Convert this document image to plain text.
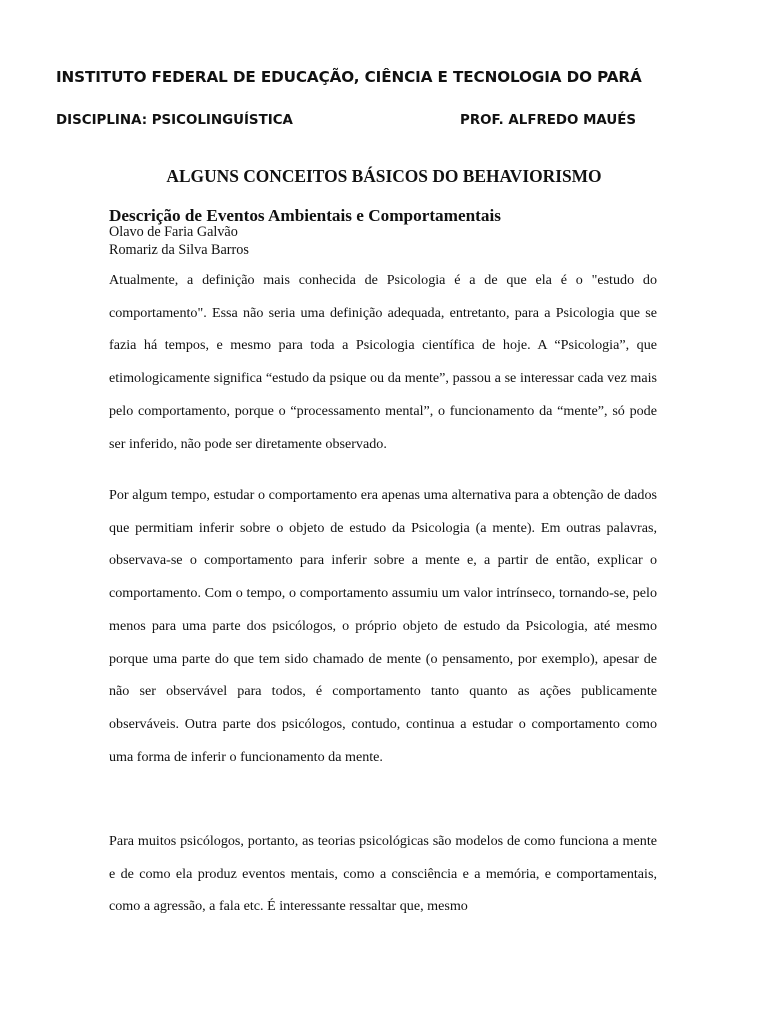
INSTITUTO FEDERAL DE EDUCAÇÃO, CIÊNCIA E TECNOLOGIA DO PARÁ
DISCIPLINA: PSICOLINGUÍSTICA	PROF. ALFREDO MAUÉS
ALGUNS CONCEITOS BÁSICOS DO BEHAVIORISMO
Descrição de Eventos Ambientais e Comportamentais
Olavo de Faria Galvão
Romariz da Silva Barros

Atualmente, a definição mais conhecida de Psicologia é a de que ela é o "estudo do comportamento". Essa não seria uma definição adequada, entretanto, para a Psicologia que se fazia há tempos, e mesmo para toda a Psicologia científica de hoje. A “Psicologia”, que etimologicamente significa “estudo da psique ou da mente”, passou a se interessar cada vez mais pelo comportamento, porque o “processamento mental”, o funcionamento da “mente”, só pode ser inferido, não pode ser diretamente observado.

Por algum tempo, estudar o comportamento era apenas uma alternativa para a obtenção de dados que permitiam inferir sobre o objeto de estudo da Psicologia (a mente). Em outras palavras, observava-se o comportamento para inferir sobre a mente e, a partir de então, explicar o comportamento. Com o tempo, o comportamento assumiu um valor intrínseco, tornando-se, pelo menos para uma parte dos psicólogos, o próprio objeto de estudo da Psicologia, até mesmo porque uma parte do que tem sido chamado de mente (o pensamento, por exemplo), apesar de não ser observável para todos, é comportamento tanto quanto as ações publicamente observáveis. Outra parte dos psicólogos, contudo, continua a estudar o comportamento como uma forma de inferir o funcionamento da mente.

Para muitos psicólogos, portanto, as teorias psicológicas são modelos de como funciona a mente e de como ela produz eventos mentais, como a consciência e a memória, e comportamentais, como a agressão, a fala etc. É interessante ressaltar que, mesmo
